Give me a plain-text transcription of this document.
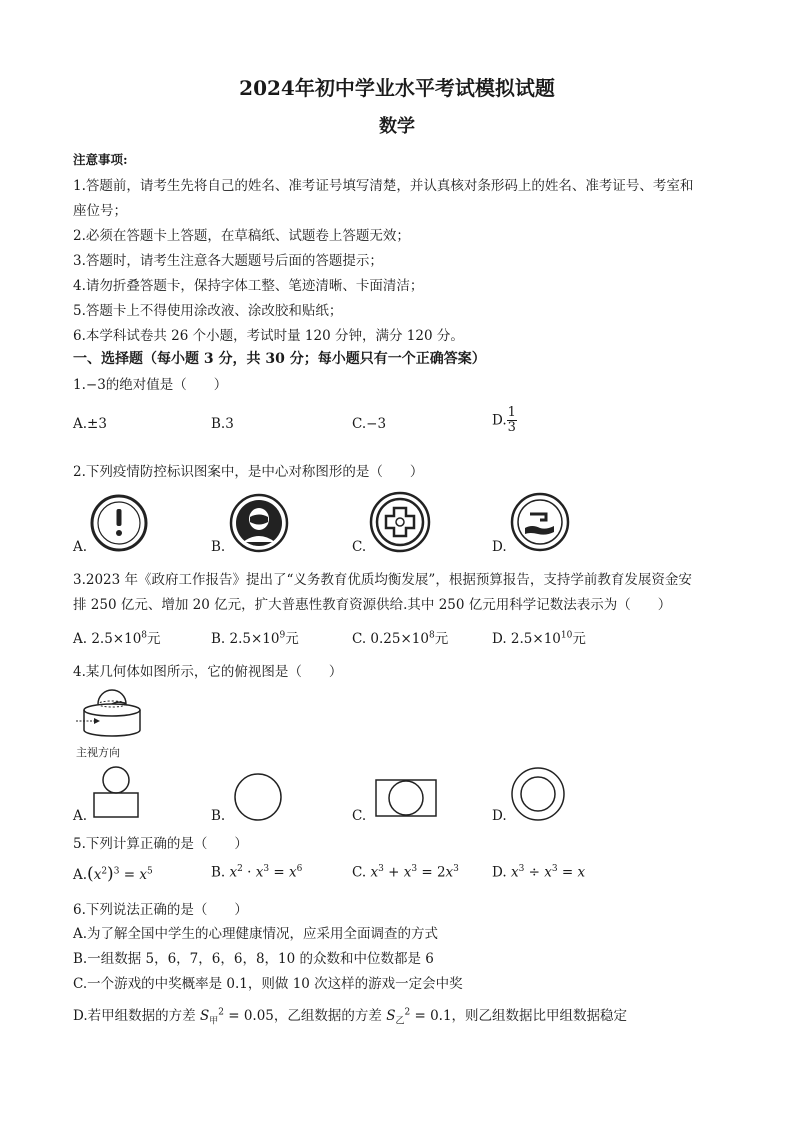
2024年初中学业水平考试模拟试题
数学
注意事项:
1.答题前，请考生先将自己的姓名、准考证号填写清楚，并认真核对条形码上的姓名、准考证号、考室和
座位号；
2.必须在答题卡上答题，在草稿纸、试题卷上答题无效；
3.答题时，请考生注意各大题题号后面的答题提示；
4.请勿折叠答题卡，保持字体工整、笔迹清晰、卡面清洁；
5.答题卡上不得使用涂改液、涂改胶和贴纸；
6.本学科试卷共 26 个小题，考试时量 120 分钟，满分 120 分。
一、选择题（每小题 3 分，共 30 分；每小题只有一个正确答案）
1.−3的绝对值是（　　）
A.±3	B.3	C.−3	D. $\frac{1}{3}$
2.下列疫情防控标识图案中，是中心对称图形的是（　　）
A.	B.	C.	D.
3.2023 年《政府工作报告》提出了“义务教育优质均衡发展”，根据预算报告，支持学前教育发展资金安
排 250 亿元、增加 20 亿元，扩大普惠性教育资源供给.其中 250 亿元用科学记数法表示为（　　）
A. $2.5\times 10^8$元	B. $2.5\times 10^9$元	C. $0.25\times 10^8$元	D. $2.5\times 10^{10}$元
4.某几何体如图所示，它的俯视图是（　　）
主视方向
A.	B.	C.	D.
5.下列计算正确的是（　　）
$A.(x^2)^3 = x^5$	B. $x^2 \cdot x^3 = x^6$	C. $x^3 + x^3 = 2x^3$ D. $x^3 \div x^3 = x$
6.下列说法正确的是（　　）
A.为了解全国中学生的心理健康情况，应采用全面调查的方式
B.一组数据 5，6，7，6，6，8，10 的众数和中位数都是 6
C.一个游戏的中奖概率是 0.1，则做 10 次这样的游戏一定会中奖
D.若甲组数据的方差 $S_甲^2 = 0.05$，乙组数据的方差 $S_乙^2 = 0.1$，则乙组数据比甲组数据稳定
